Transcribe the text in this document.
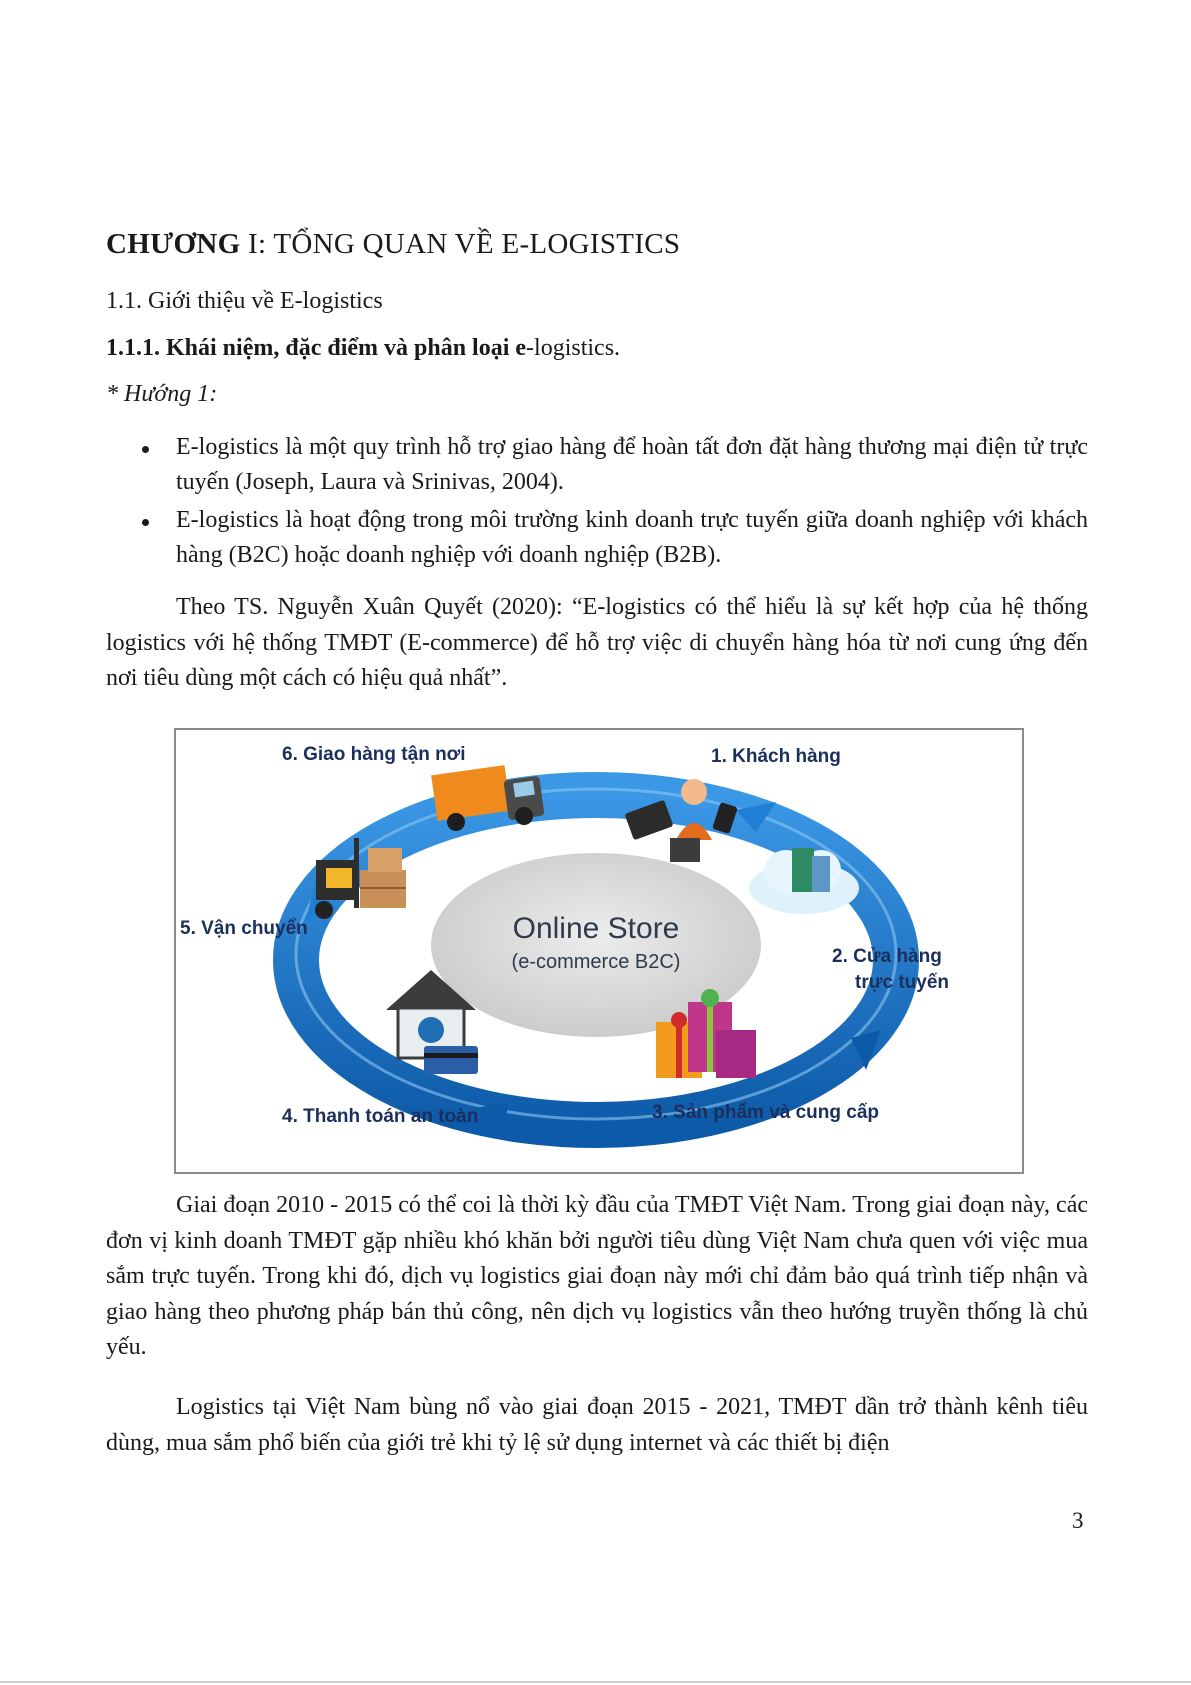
CHƯƠNG I: TỔNG QUAN VỀ E-LOGISTICS
1.1. Giới thiệu về E-logistics
1.1.1. Khái niệm, đặc điểm và phân loại e-logistics.
* Hướng 1:
E-logistics là một quy trình hỗ trợ giao hàng để hoàn tất đơn đặt hàng thương mại điện tử trực tuyến (Joseph, Laura và Srinivas, 2004).
E-logistics là hoạt động trong môi trường kinh doanh trực tuyến giữa doanh nghiệp với khách hàng (B2C) hoặc doanh nghiệp với doanh nghiệp (B2B).

Theo TS. Nguyễn Xuân Quyết (2020): “E-logistics có thể hiểu là sự kết hợp của hệ thống logistics với hệ thống TMĐT (E-commerce) để hỗ trợ việc di chuyển hàng hóa từ nơi cung ứng đến nơi tiêu dùng một cách có hiệu quả nhất”.

Online Store
(e-commerce B2C)
1. Khách hàng
2. Cửa hàng
trực tuyến
3. Sản phẩm và cung cấp
4. Thanh toán an toàn
5. Vận chuyển
6. Giao hàng tận nơi

Giai đoạn 2010 - 2015 có thể coi là thời kỳ đầu của TMĐT Việt Nam. Trong giai đoạn này, các đơn vị kinh doanh TMĐT gặp nhiều khó khăn bởi người tiêu dùng Việt Nam chưa quen với việc mua sắm trực tuyến. Trong khi đó, dịch vụ logistics giai đoạn này mới chỉ đảm bảo quá trình tiếp nhận và giao hàng theo phương pháp bán thủ công, nên dịch vụ logistics vẫn theo hướng truyền thống là chủ yếu.

Logistics tại Việt Nam bùng nổ vào giai đoạn 2015 - 2021, TMĐT dần trở thành kênh tiêu dùng, mua sắm phổ biến của giới trẻ khi tỷ lệ sử dụng internet và các thiết bị điện

3
